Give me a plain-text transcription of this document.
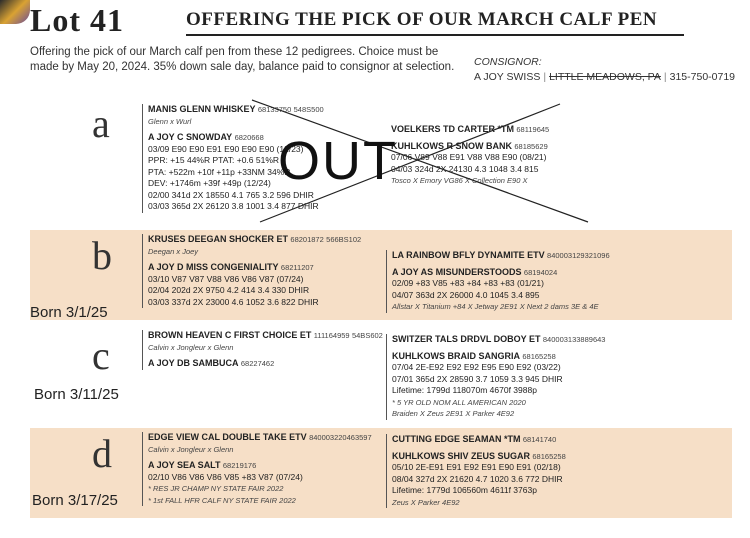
Lot 41	OFFERING THE PICK OF OUR MARCH CALF PEN

Offering the pick of our March calf pen from these 12 pedigrees. Choice must be made by May 20, 2024. 35% down sale day, balance paid to consignor at selection.	CONSIGNOR:
A JOY SWISS | LITTLE MEADOWS, PA | 315-750-0719
a	MANIS GLENN WHISKEY 68133750 548S500
Glenn x Wurl
A JOY C SNOWDAY 6820668
03/09 E90 E90 E91 E90 E90 E90 (12/23)
PPR: +15 44%R PTAT: +0.6 51%R
PTA: +522m +10f +11p +33NM 34%R
DEV: +1746m +39f +49p (12/24)
02/00 341d 2X 18550 4.1 765 3.2 596 DHIR
03/03 365d 2X 26120 3.8 1001 3.4 877 DHIR
VOELKERS TD CARTER *TM 68119645
KUHLKOWS R SNOW BANK 68185629
07/06 V89 V88 E91 V88 V88 E90 (08/21)
04/03 324d 2X 24130 4.3 1048 3.4 815
Tosco X Emory VG86 X Collection E90 X
OUT
b
Born 3/1/25
KRUSES DEEGAN SHOCKER ET 68201872 566BS102
Deegan x Joey
A JOY D MISS CONGENIALITY 68211207
03/10 V87 V87 V88 V86 V86 V87 (07/24)
02/04 202d 2X 9750 4.2 414 3.4 330 DHIR
03/03 337d 2X 23000 4.6 1052 3.6 822 DHIR
LA RAINBOW BFLY DYNAMITE ETV 840003129321096
A JOY AS MISUNDERSTOODS 68194024
02/09 +83 V85 +83 +84 +83 +83 (01/21)
04/07 363d 2X 26000 4.0 1045 3.4 895
Allstar X Titanium +84 X Jetway 2E91 X Next 2 dams 3E & 4E
c
Born 3/11/25
BROWN HEAVEN C FIRST CHOICE ET 111164959 54BS602
Calvin x Jongleur x Glenn
A JOY DB SAMBUCA 68227462
SWITZER TALS DRDVL DOBOY ET 840003133889643
KUHLKOWS BRAID SANGRIA 68165258
07/04 2E-E92 E92 E92 E95 E90 E92 (03/22)
07/01 365d 2X 28590 3.7 1059 3.3 945 DHIR
Lifetime: 1799d 118070m 4670f 3988p
* 5 YR OLD NOM ALL AMERICAN 2020
Braiden X Zeus 2E91 X Parker 4E92
d
Born 3/17/25
EDGE VIEW CAL DOUBLE TAKE ETV 840003220463597
Calvin x Jongleur x Glenn
A JOY SEA SALT 68219176
02/10 V86 V86 V86 V85 +83 V87 (07/24)
* RES JR CHAMP NY STATE FAIR 2022
* 1st FALL HFR CALF NY STATE FAIR 2022
CUTTING EDGE SEAMAN *TM 68141740
KUHLKOWS SHIV ZEUS SUGAR 68165258
05/10 2E-E91 E91 E92 E91 E90 E91 (02/18)
08/04 327d 2X 21620 4.7 1020 3.6 772 DHIR
Lifetime: 1779d 106560m 4611f 3763p
Zeus X Parker 4E92
